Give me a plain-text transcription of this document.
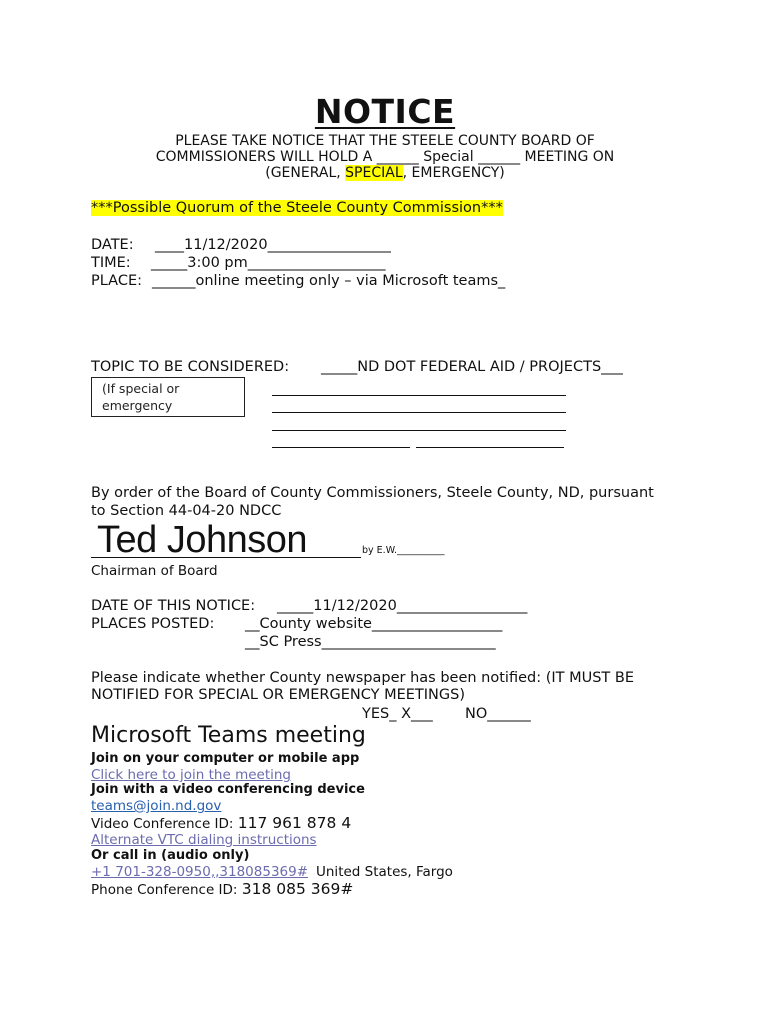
NOTICE
PLEASE TAKE NOTICE THAT THE STEELE COUNTY BOARD OF
COMMISSIONERS WILL HOLD A ______ Special ______ MEETING ON
(GENERAL, SPECIAL, EMERGENCY)
***Possible Quorum of the Steele County Commission***
DATE: ____11/12/2020_________________
TIME: _____3:00 pm___________________
PLACE: ______online meeting only – via Microsoft teams_
TOPIC TO BE CONSIDERED: _____ND DOT FEDERAL AID / PROJECTS___
(If special or
emergency
By order of the Board of County Commissioners, Steele County, ND, pursuant
to Section 44-04-20 NDCC
Ted Johnson	by E.W.__________
Chairman of Board
DATE OF THIS NOTICE: _____11/12/2020__________________
PLACES POSTED: __County website__________________
__SC Press________________________
Please indicate whether County newspaper has been notified: (IT MUST BE
NOTIFIED FOR SPECIAL OR EMERGENCY MEETINGS)
YES_ X___ NO______
Microsoft Teams meeting
Join on your computer or mobile app
Click here to join the meeting
Join with a video conferencing device
teams@join.nd.gov
Video Conference ID: 117 961 878 4
Alternate VTC dialing instructions
Or call in (audio only)
+1 701-328-0950,,318085369# United States, Fargo
Phone Conference ID: 318 085 369#
